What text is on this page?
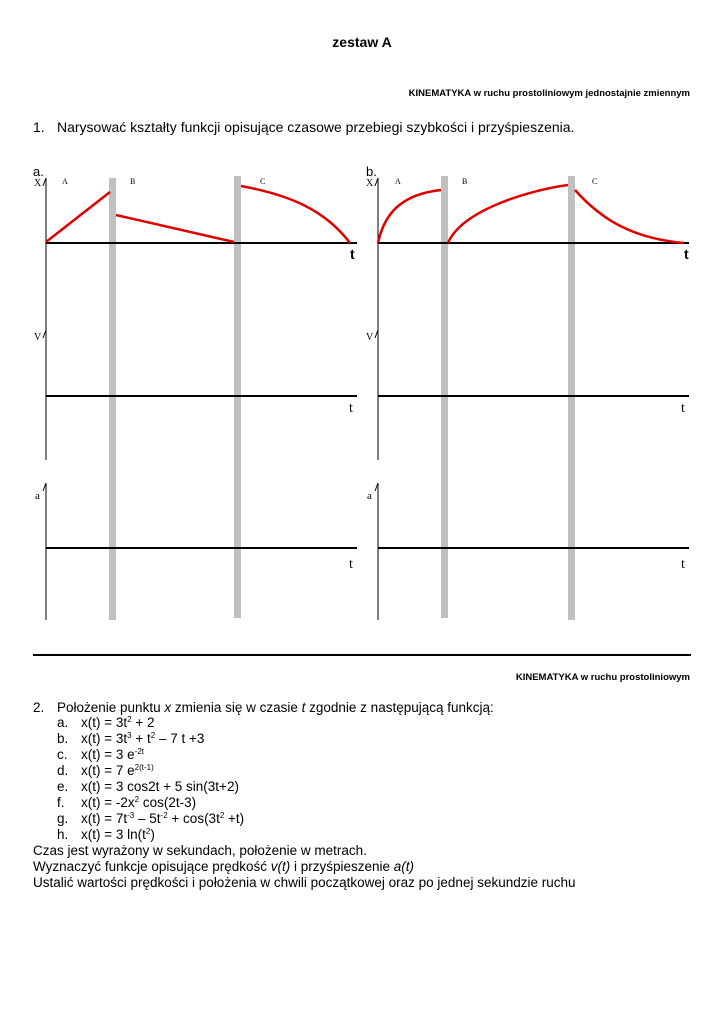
zestaw A
KINEMATYKA w ruchu prostoliniowym jednostajnie zmiennym
1. Narysować kształty funkcji opisujące czasowe przebiegi szybkości i przyśpieszenia.
a.
X
t
A	B	C
V
t
a
t
b.
X
t
A	B	C
V
t
a
t
KINEMATYKA w ruchu prostoliniowym
2. Położenie punktu x zmienia się w czasie t zgodnie z następującą funkcją:
a. $x(t) = 3t^2 + 2$
b. $x(t) = 3t^3 + t^2 - 7$ t +3
c. x(t) = 3 $e^{-2t}$
d. x(t) = 7 $e^{2(t-1)}$
e. x(t) = 3 cos2t + 5 sin(3t+2)
f. $x(t) = -2x^2$ cos(2t-3)
g. $x(t) = 7t^{-3} - 5t^{-2} + \cos(3t^2 +t)$
h. x(t) = 3 $\ln(t^2)$
Czas jest wyrażony w sekundach, położenie w metrach.
Wyznaczyć funkcje opisujące prędkość v(t) i przyśpieszenie a(t)
Ustalić wartości prędkości i położenia w chwili początkowej oraz po jednej sekundzie ruchu
